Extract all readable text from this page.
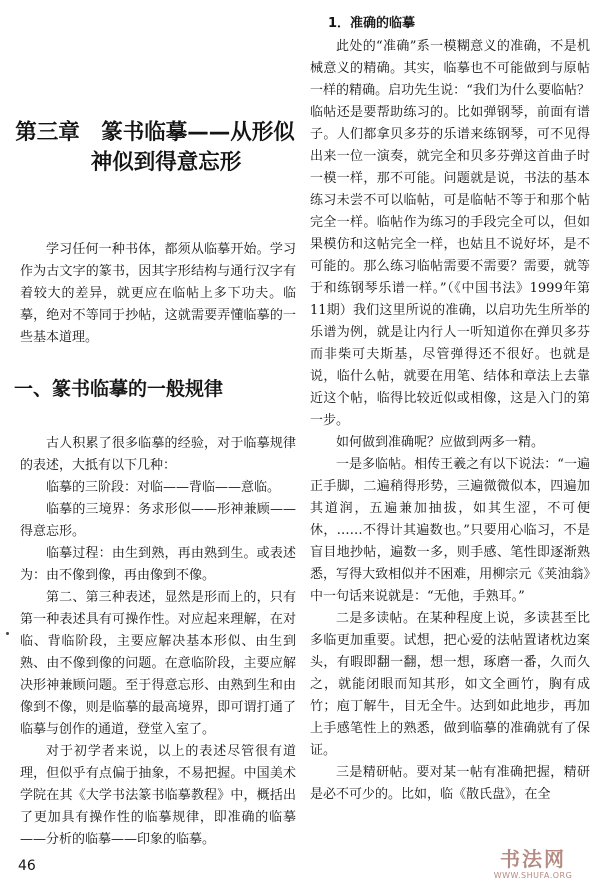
第三章　篆书临摹——从形似
神似到得意忘形

学习任何一种书体，都须从临摹开始。学习作为古文字的篆书，因其字形结构与通行汉字有着较大的差异，就更应在临帖上多下功夫。临摹，绝对不等同于抄帖，这就需要弄懂临摹的一些基本道理。

一、篆书临摹的一般规律

古人积累了很多临摹的经验，对于临摹规律的表述，大抵有以下几种：

临摹的三阶段：对临——背临——意临。

临摹的三境界：务求形似——形神兼顾——得意忘形。

临摹过程：由生到熟，再由熟到生。或表述为：由不像到像，再由像到不像。

第二、第三种表述，显然是形而上的，只有第一种表述具有可操作性。对应起来理解，在对临、背临阶段，主要应解决基本形似、由生到熟、由不像到像的问题。在意临阶段，主要应解决形神兼顾问题。至于得意忘形、由熟到生和由像到不像，则是临摹的最高境界，即可谓打通了临摹与创作的通道，登堂入室了。

对于初学者来说，以上的表述尽管很有道理，但似乎有点偏于抽象，不易把握。中国美术学院在其《大学书法篆书临摹教程》中，概括出了更加具有操作性的临摹规律，即准确的临摹——分析的临摹——印象的临摹。

1．准确的临摹

此处的“准确”系一模糊意义的准确，不是机械意义的精确。其实，临摹也不可能做到与原帖一样的精确。启功先生说：“我们为什么要临帖？临帖还是要帮助练习的。比如弹钢琴，前面有谱子。人们都拿贝多芬的乐谱来练钢琴，可不见得出来一位一演奏，就完全和贝多芬弹这首曲子时一模一样，那不可能。问题就是说，书法的基本练习未尝不可以临帖，可是临帖不等于和那个帖完全一样。临帖作为练习的手段完全可以，但如果模仿和这帖完全一样，也姑且不说好坏，是不可能的。那么练习临帖需要不需要？需要，就等于和练钢琴乐谱一样。”（《中国书法》1999年第11期）我们这里所说的准确，以启功先生所举的乐谱为例，就是让内行人一听知道你在弹贝多芬而非柴可夫斯基，尽管弹得还不很好。也就是说，临什么帖，就要在用笔、结体和章法上去靠近这个帖，临得比较近似或相像，这是入门的第一步。

如何做到准确呢？应做到两多一精。

一是多临帖。相传王羲之有以下说法：“一遍正手脚，二遍稍得形势，三遍微微似本，四遍加其道润，五遍兼加抽拔，如其生涩，不可便休，……不得计其遍数也。”只要用心临习，不是盲目地抄帖，遍数一多，则手感、笔性即逐渐熟悉，写得大致相似并不困难，用柳宗元《荚油翁》中一句话来说就是：“无他，手熟耳。”

二是多读帖。在某种程度上说，多读甚至比多临更加重要。试想，把心爱的法帖置诸枕边案头，有暇即翻一翻，想一想，琢磨一番，久而久之，就能闭眼而知其形，如文全画竹，胸有成竹；庖丁解牛，目无全牛。达到如此地步，再加上手感笔性上的熟悉，做到临摹的准确就有了保证。

三是精研帖。要对某一帖有准确把握，精研是必不可少的。比如，临《散氏盘》，在全

46	书法网
WWW.SHUFA.ORG
